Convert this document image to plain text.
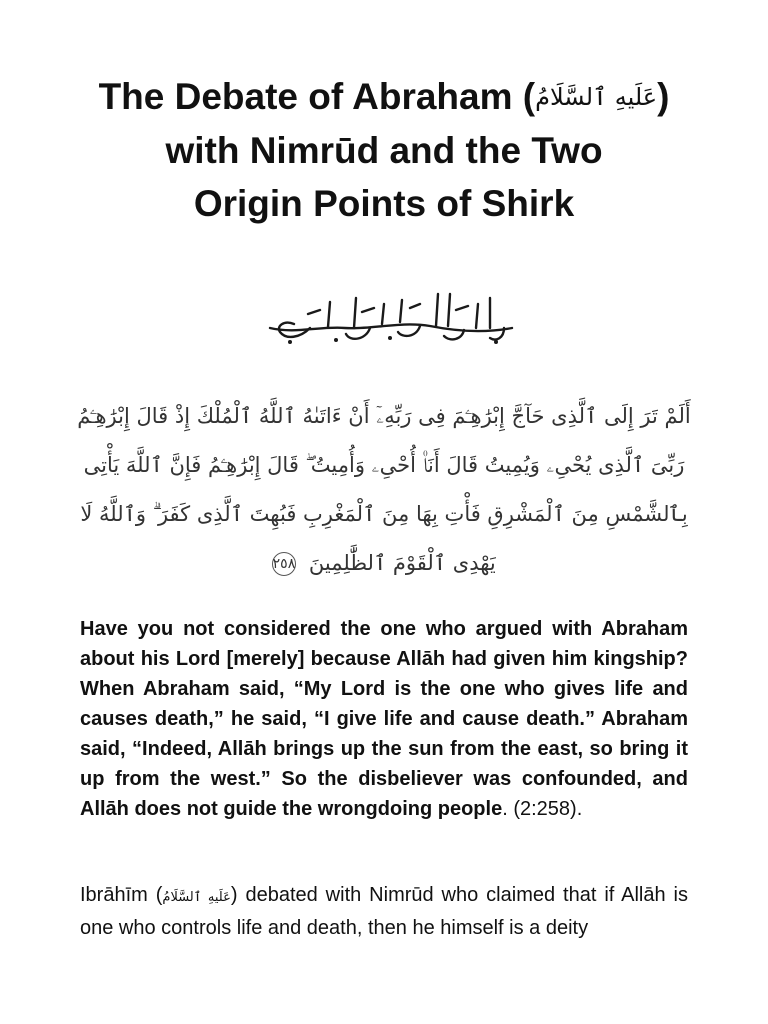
The Debate of Abraham (عَلَيهِ ٱلسَّلَامُ)
with Nimrūd and the Two
Origin Points of Shirk

أَلَمْ تَرَ إِلَى ٱلَّذِى حَآجَّ إِبْرَٰهِـۧمَ فِى رَبِّهِۦٓ أَنْ ءَاتَىٰهُ ٱللَّهُ ٱلْمُلْكَ إِذْ قَالَ إِبْرَٰهِـۧمُ رَبِّىَ ٱلَّذِى يُحْىِۦ وَيُمِيتُ قَالَ أَنَا۠ أُحْىِۦ وَأُمِيتُ ۖ قَالَ إِبْرَٰهِـۧمُ فَإِنَّ ٱللَّهَ يَأْتِى بِٱلشَّمْسِ مِنَ ٱلْمَشْرِقِ فَأْتِ بِهَا مِنَ ٱلْمَغْرِبِ فَبُهِتَ ٱلَّذِى كَفَرَ ۗ وَٱللَّهُ لَا يَهْدِى ٱلْقَوْمَ ٱلظَّٰلِمِينَ ٢٥٨

Have you not considered the one who argued with Abraham about his Lord [merely] because Allāh had given him kingship? When Abraham said, “My Lord is the one who gives life and causes death,” he said, “I give life and cause death.” Abraham said, “Indeed, Allāh brings up the sun from the east, so bring it up from the west.” So the disbeliever was confounded, and Allāh does not guide the wrongdoing people. (2:258).

Ibrāhīm (عَلَيهِ ٱلسَّلَامُ) debated with Nimrūd who claimed that if Allāh is one who controls life and death, then he himself is a deity
